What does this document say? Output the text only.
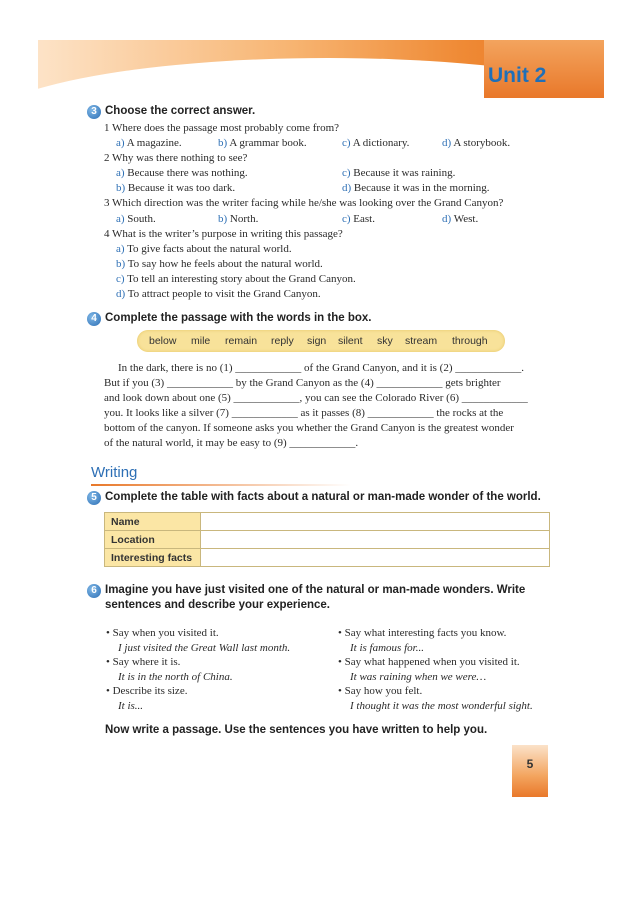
Unit 2
3 Choose the correct answer.
1 Where does the passage most probably come from?
a) A magazine.	b) A grammar book.	c) A dictionary.	d) A storybook.
2 Why was there nothing to see?
a) Because there was nothing.	c) Because it was raining.
b) Because it was too dark.	d) Because it was in the morning.
3 Which direction was the writer facing while he/she was looking over the Grand Canyon?
a) South.	b) North.	c) East.	d) West.
4 What is the writer’s purpose in writing this passage?
a) To give facts about the natural world.
b) To say how he feels about the natural world.
c) To tell an interesting story about the Grand Canyon.
d) To attract people to visit the Grand Canyon.
4 Complete the passage with the words in the box.
below mile remain reply sign silent sky stream through
In the dark, there is no (1) ____________ of the Grand Canyon, and it is (2) ____________.
But if you (3) ____________ by the Grand Canyon as the (4) ____________ gets brighter
and look down about one (5) ____________, you can see the Colorado River (6) ____________
you. It looks like a silver (7) ____________ as it passes (8) ____________ the rocks at the
bottom of the canyon. If someone asks you whether the Grand Canyon is the greatest wonder
of the natural world, it may be easy to (9) ____________.
Writing
5 Complete the table with facts about a natural or man-made wonder of the world.
Name	
Location	
Interesting facts	
6 Imagine you have just visited one of the natural or man-made wonders. Write
sentences and describe your experience.
• Say when you visited it.
I just visited the Great Wall last month.
• Say where it is.
It is in the north of China.
• Describe its size.
It is...
• Say what interesting facts you know.
It is famous for...
• Say what happened when you visited it.
It was raining when we were…
• Say how you felt.
I thought it was the most wonderful sight.
Now write a passage. Use the sentences you have written to help you.
5
